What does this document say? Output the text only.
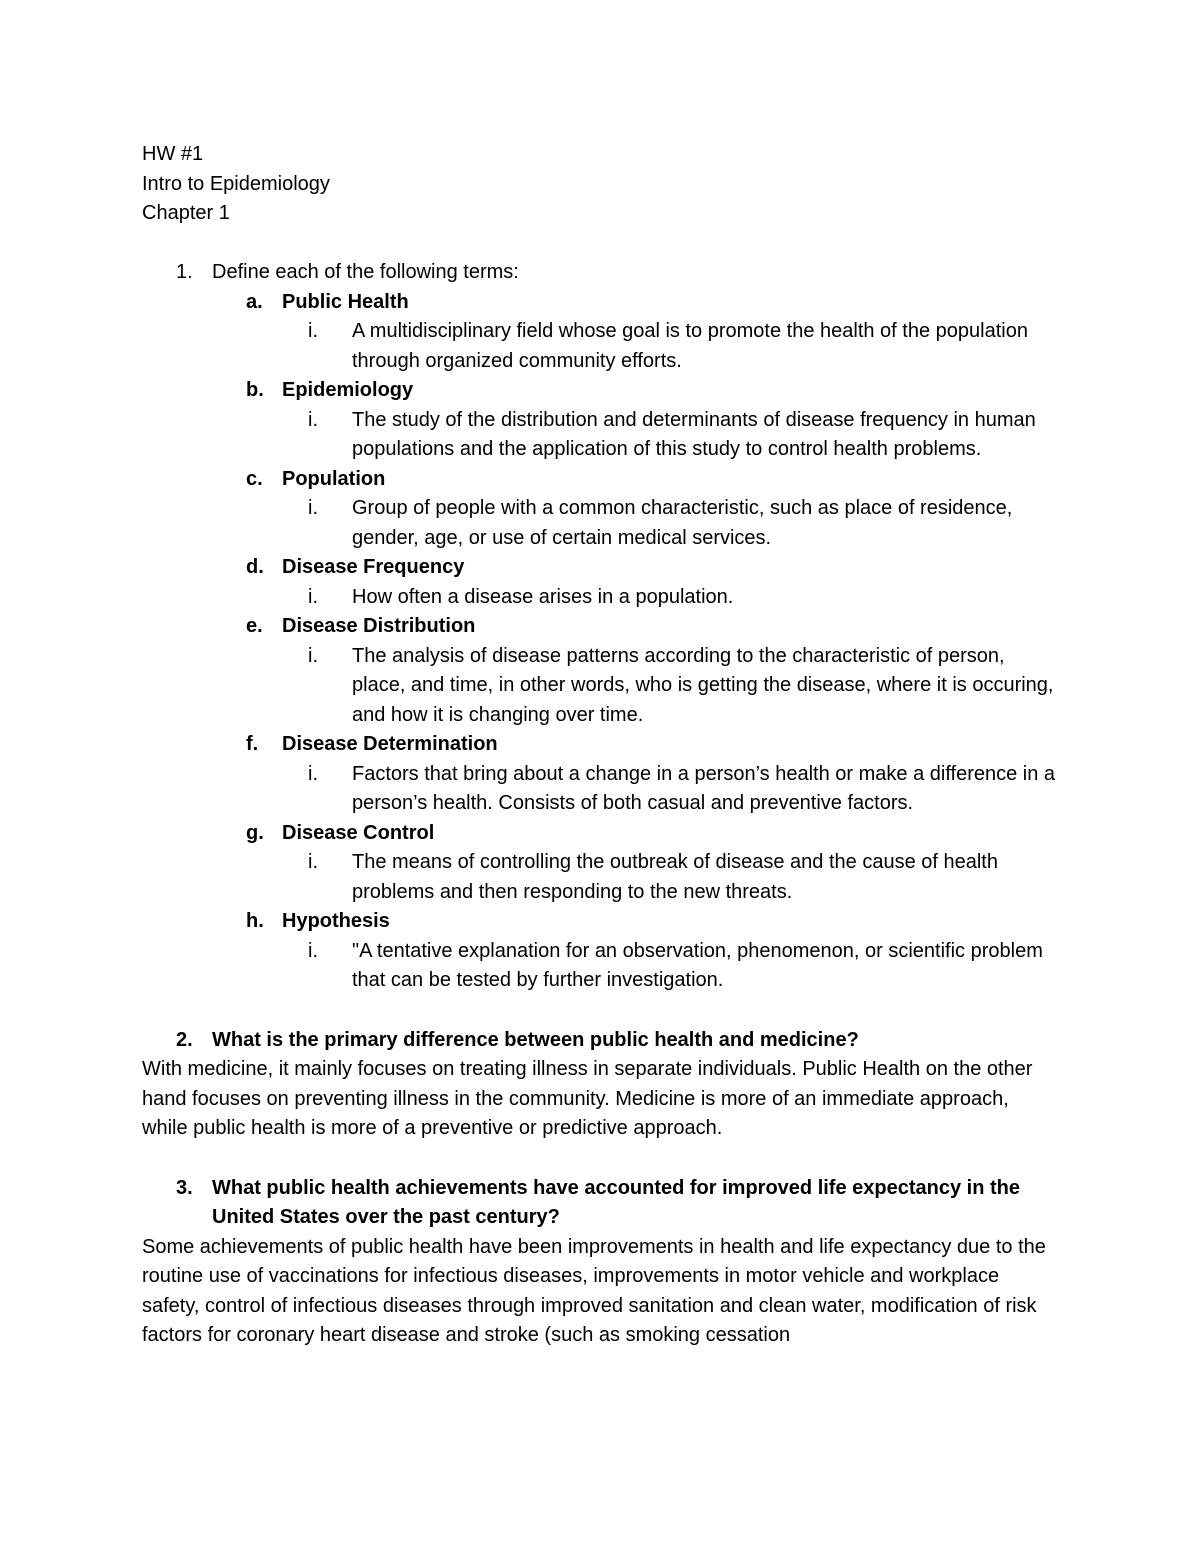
HW #1
Intro to Epidemiology
Chapter 1
1. Define each of the following terms:
a. Public Health
i. A multidisciplinary field whose goal is to promote the health of the population through organized community efforts.
b. Epidemiology
i. The study of the distribution and determinants of disease frequency in human populations and the application of this study to control health problems.
c. Population
i. Group of people with a common characteristic, such as place of residence, gender, age, or use of certain medical services.
d. Disease Frequency
i. How often a disease arises in a population.
e. Disease Distribution
i. The analysis of disease patterns according to the characteristic of person, place, and time, in other words, who is getting the disease, where it is occuring, and how it is changing over time.
f. Disease Determination
i. Factors that bring about a change in a person’s health or make a difference in a person’s health. Consists of both casual and preventive factors.
g. Disease Control
i. The means of controlling the outbreak of disease and the cause of health problems and then responding to the new threats.
h. Hypothesis
i. "A tentative explanation for an observation, phenomenon, or scientific problem that can be tested by further investigation.
2. What is the primary difference between public health and medicine?
With medicine, it mainly focuses on treating illness in separate individuals. Public Health on the other hand focuses on preventing illness in the community. Medicine is more of an immediate approach, while public health is more of a preventive or predictive approach.
3. What public health achievements have accounted for improved life expectancy in the United States over the past century?
Some achievements of public health have been improvements in health and life expectancy due to the routine use of vaccinations for infectious diseases, improvements in motor vehicle and workplace safety, control of infectious diseases through improved sanitation and clean water, modification of risk factors for coronary heart disease and stroke (such as smoking cessation
